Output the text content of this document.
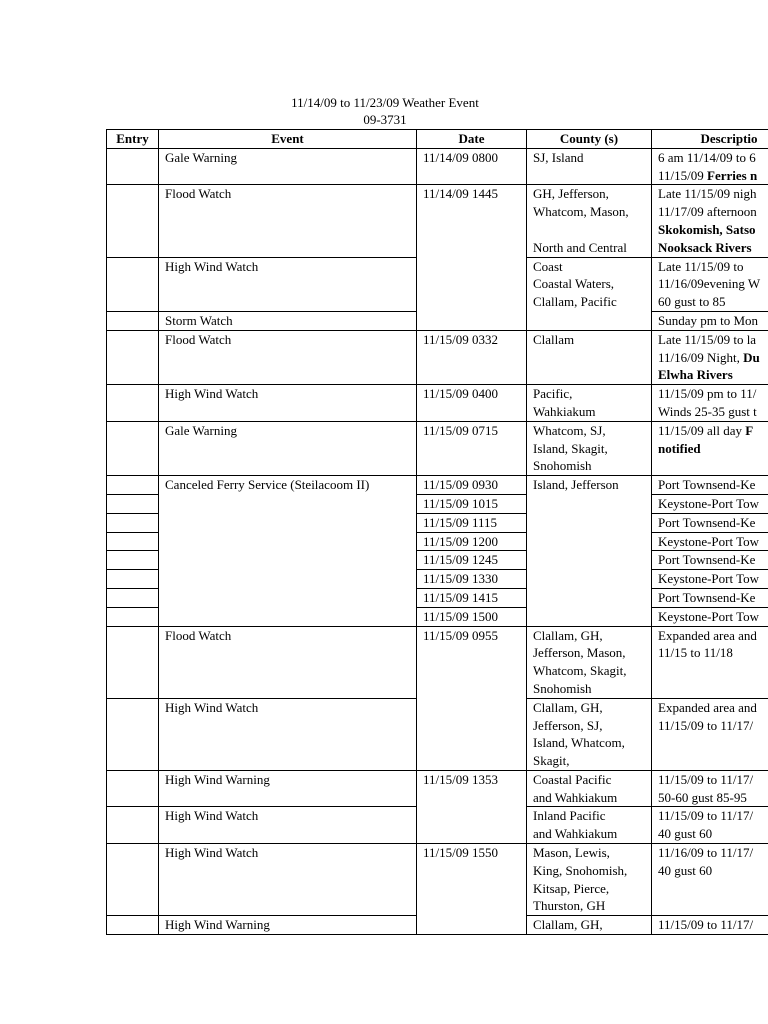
11/14/09 to 11/23/09 Weather Event
09-3731
Entry	Event	Date	County (s)	Descriptio
	Gale Warning	11/14/09 0800	SJ, Island	6 am 11/14/09 to 6
11/15/09 Ferries n

	Flood Watch	11/14/09 1445	GH, Jefferson,
Whatcom, Mason,

North and Central	Late 11/15/09 nigh
11/17/09 afternoon
Skokomish, Satso
Nooksack Rivers

	High Wind Watch		Coast
Coastal Waters,
Clallam, Pacific	Late 11/15/09 to
11/16/09evening W
60 gust to 85

	Storm Watch			Sunday pm to Mon

	Flood Watch	11/15/09 0332	Clallam	Late 11/15/09 to la
11/16/09 Night, Du
Elwha Rivers

	High Wind Watch	11/15/09 0400	Pacific,
Wahkiakum	11/15/09 pm to 11/
Winds 25-35 gust t

	Gale Warning	11/15/09 0715	Whatcom, SJ,
Island, Skagit,
Snohomish	11/15/09 all day F
notified

	Canceled Ferry Service (Steilacoom II)	11/15/09 0930	Island, Jefferson	Port Townsend-Ke

		11/15/09 1015		Keystone-Port Tow

		11/15/09 1115		Port Townsend-Ke

		11/15/09 1200		Keystone-Port Tow

		11/15/09 1245		Port Townsend-Ke

		11/15/09 1330		Keystone-Port Tow

		11/15/09 1415		Port Townsend-Ke

		11/15/09 1500		Keystone-Port Tow

	Flood Watch	11/15/09 0955	Clallam, GH,
Jefferson, Mason,
Whatcom, Skagit,
Snohomish	Expanded area and
11/15 to 11/18

	High Wind Watch		Clallam, GH,
Jefferson, SJ,
Island, Whatcom,
Skagit,	Expanded area and
11/15/09 to 11/17/

	High Wind Warning	11/15/09 1353	Coastal Pacific
and Wahkiakum	11/15/09 to 11/17/
50-60 gust 85-95

	High Wind Watch		Inland Pacific
and Wahkiakum	11/15/09 to 11/17/
40 gust 60

	High Wind Watch	11/15/09 1550	Mason, Lewis,
King, Snohomish,
Kitsap, Pierce,
Thurston, GH	11/16/09 to 11/17/
40 gust 60

	High Wind Warning		Clallam, GH,	11/15/09 to 11/17/
